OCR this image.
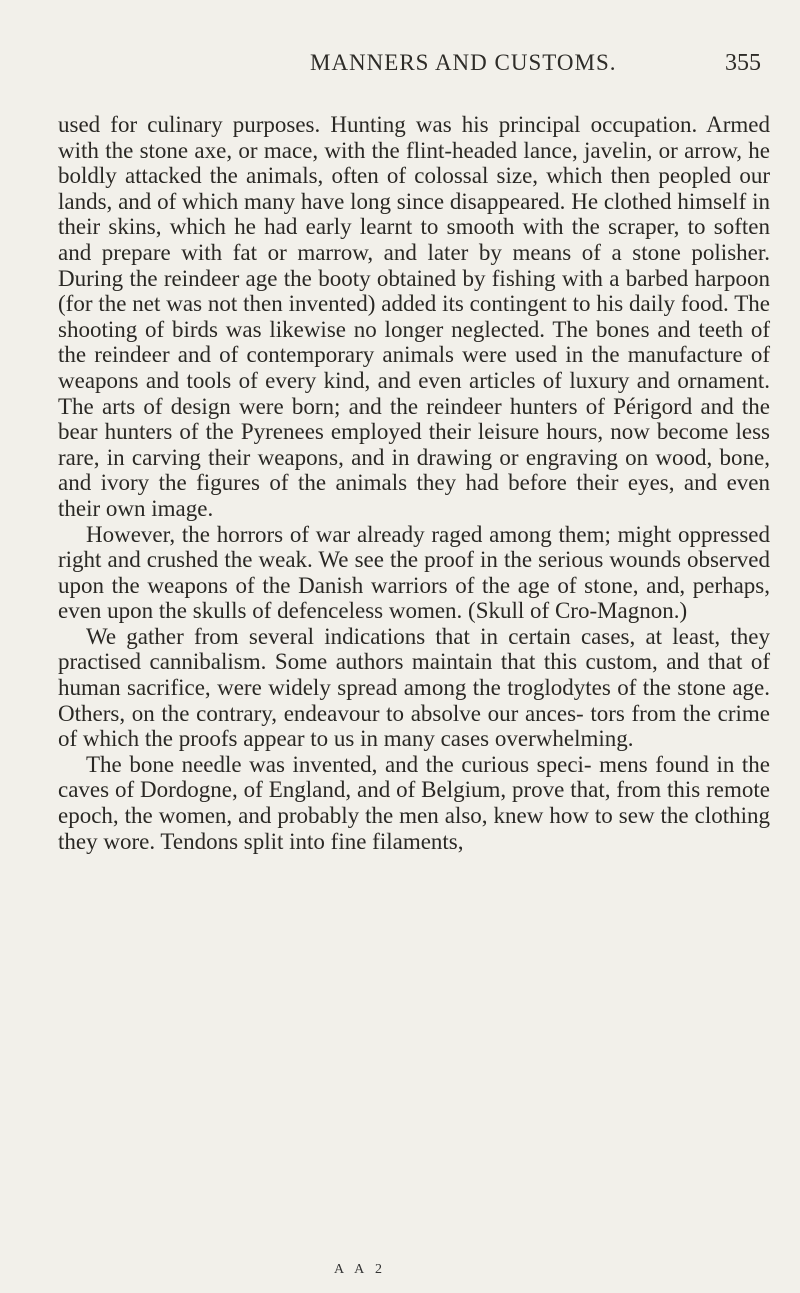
MANNERS AND CUSTOMS.	355

used for culinary purposes. Hunting was his principal occupation. Armed with the stone axe, or mace, with the flint-headed lance, javelin, or arrow, he boldly attacked the animals, often of colossal size, which then peopled our lands, and of which many have long since disappeared. He clothed himself in their skins, which he had early learnt to smooth with the scraper, to soften and prepare with fat or marrow, and later by means of a stone polisher. During the reindeer age the booty obtained by fishing with a barbed harpoon (for the net was not then invented) added its contingent to his daily food. The shooting of birds was likewise no longer neglected. The bones and teeth of the reindeer and of contemporary animals were used in the manufacture of weapons and tools of every kind, and even articles of luxury and ornament. The arts of design were born; and the reindeer hunters of Périgord and the bear hunters of the Pyrenees employed their leisure hours, now become less rare, in carving their weapons, and in drawing or engraving on wood, bone, and ivory the figures of the animals they had before their eyes, and even their own image.

However, the horrors of war already raged among them; might oppressed right and crushed the weak. We see the proof in the serious wounds observed upon the weapons of the Danish warriors of the age of stone, and, perhaps, even upon the skulls of defenceless women. (Skull of Cro-Magnon.)

We gather from several indications that in certain cases, at least, they practised cannibalism. Some authors maintain that this custom, and that of human sacrifice, were widely spread among the troglodytes of the stone age. Others, on the contrary, endeavour to absolve our ances- tors from the crime of which the proofs appear to us in many cases overwhelming.

The bone needle was invented, and the curious speci- mens found in the caves of Dordogne, of England, and of Belgium, prove that, from this remote epoch, the women, and probably the men also, knew how to sew the clothing they wore. Tendons split into fine filaments,

A A 2
